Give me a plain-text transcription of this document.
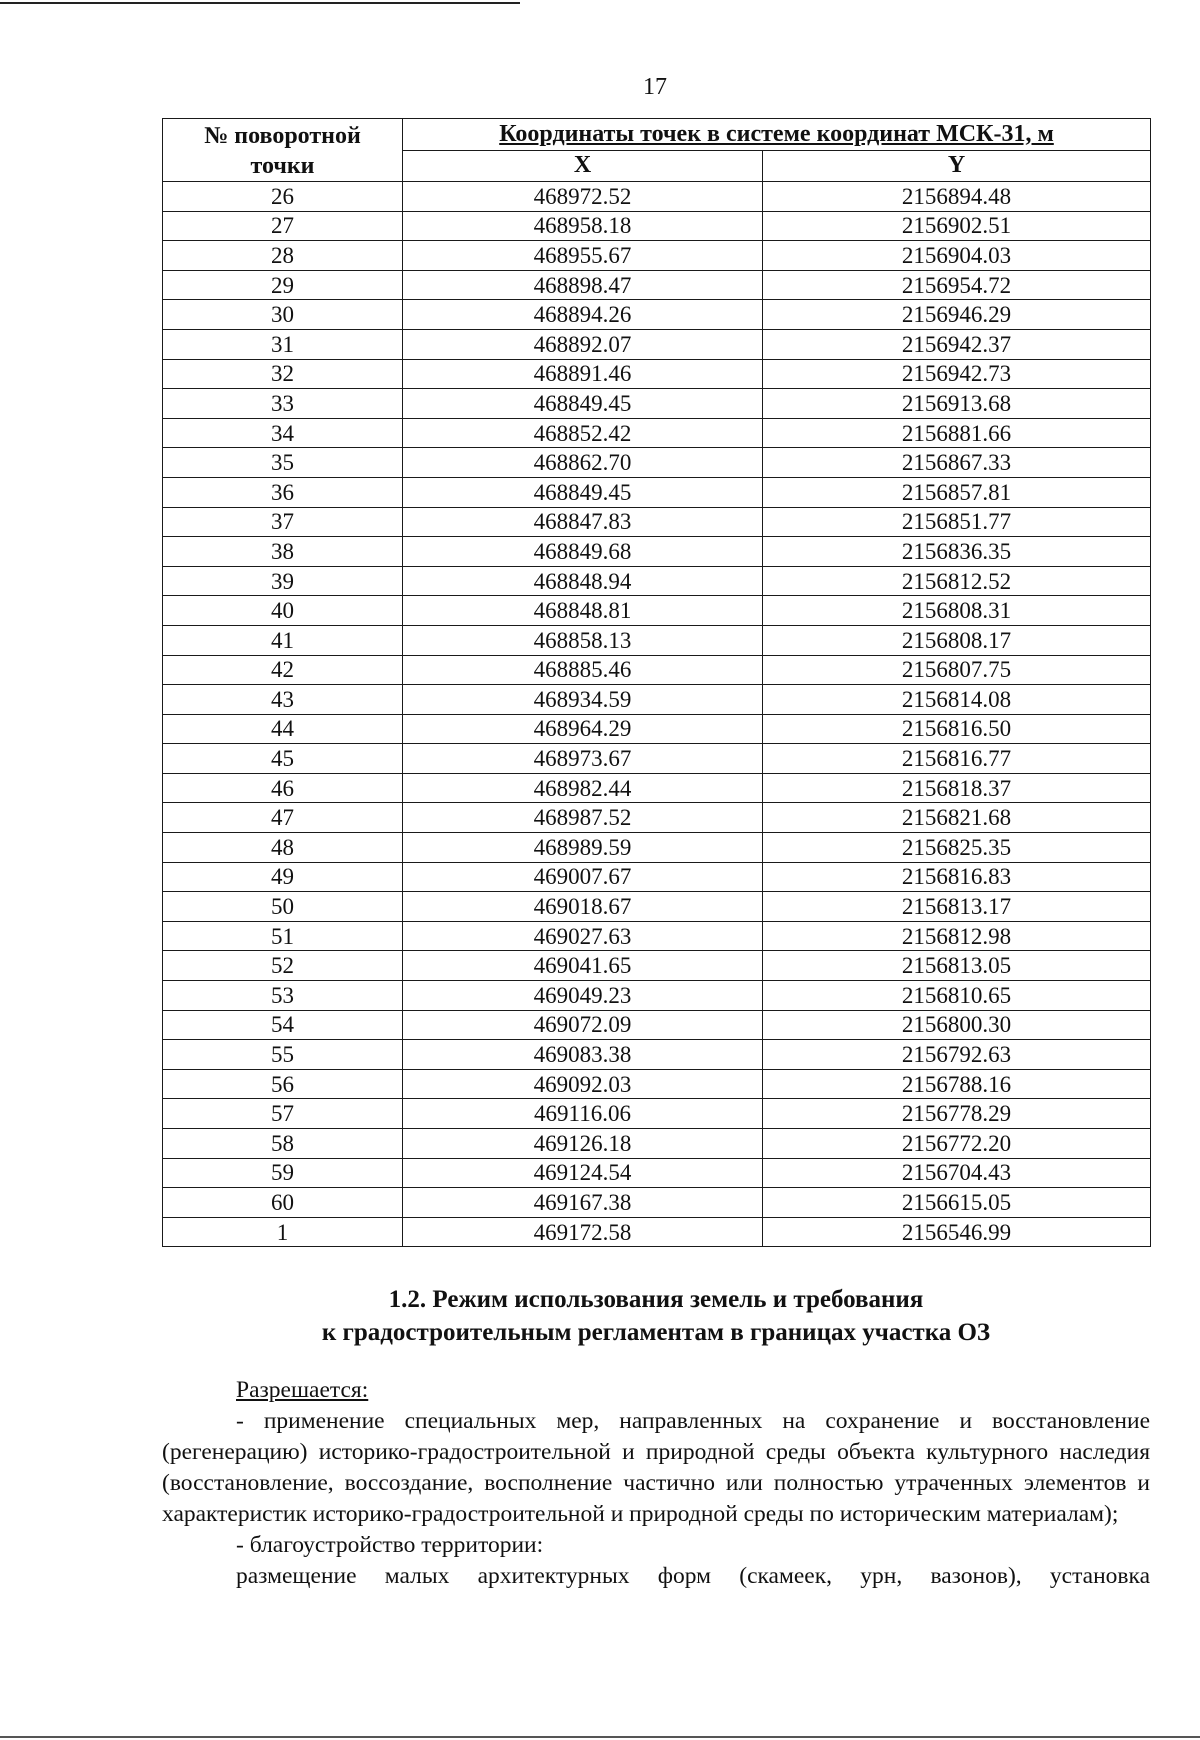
17
№ поворотной
точки	Координаты точек в системе координат МСК-31, м	
	X	Y
26	468972.52	2156894.48
27	468958.18	2156902.51
28	468955.67	2156904.03
29	468898.47	2156954.72
30	468894.26	2156946.29
31	468892.07	2156942.37
32	468891.46	2156942.73
33	468849.45	2156913.68
34	468852.42	2156881.66
35	468862.70	2156867.33
36	468849.45	2156857.81
37	468847.83	2156851.77
38	468849.68	2156836.35
39	468848.94	2156812.52
40	468848.81	2156808.31
41	468858.13	2156808.17
42	468885.46	2156807.75
43	468934.59	2156814.08
44	468964.29	2156816.50
45	468973.67	2156816.77
46	468982.44	2156818.37
47	468987.52	2156821.68
48	468989.59	2156825.35
49	469007.67	2156816.83
50	469018.67	2156813.17
51	469027.63	2156812.98
52	469041.65	2156813.05
53	469049.23	2156810.65
54	469072.09	2156800.30
55	469083.38	2156792.63
56	469092.03	2156788.16
57	469116.06	2156778.29
58	469126.18	2156772.20
59	469124.54	2156704.43
60	469167.38	2156615.05
1	469172.58	2156546.99
1.2. Режим использования земель и требования
к градостроительным регламентам в границах участка ОЗ
Разрешается:
- применение специальных мер, направленных на сохранение и восстановление (регенерацию) историко-градостроительной и природной среды объекта культурного наследия (восстановление, воссоздание, восполнение частично или полностью утраченных элементов и характеристик историко-градостроительной и природной среды по историческим материалам);
- благоустройство территории:
размещение малых архитектурных форм (скамеек, урн, вазонов), установка
